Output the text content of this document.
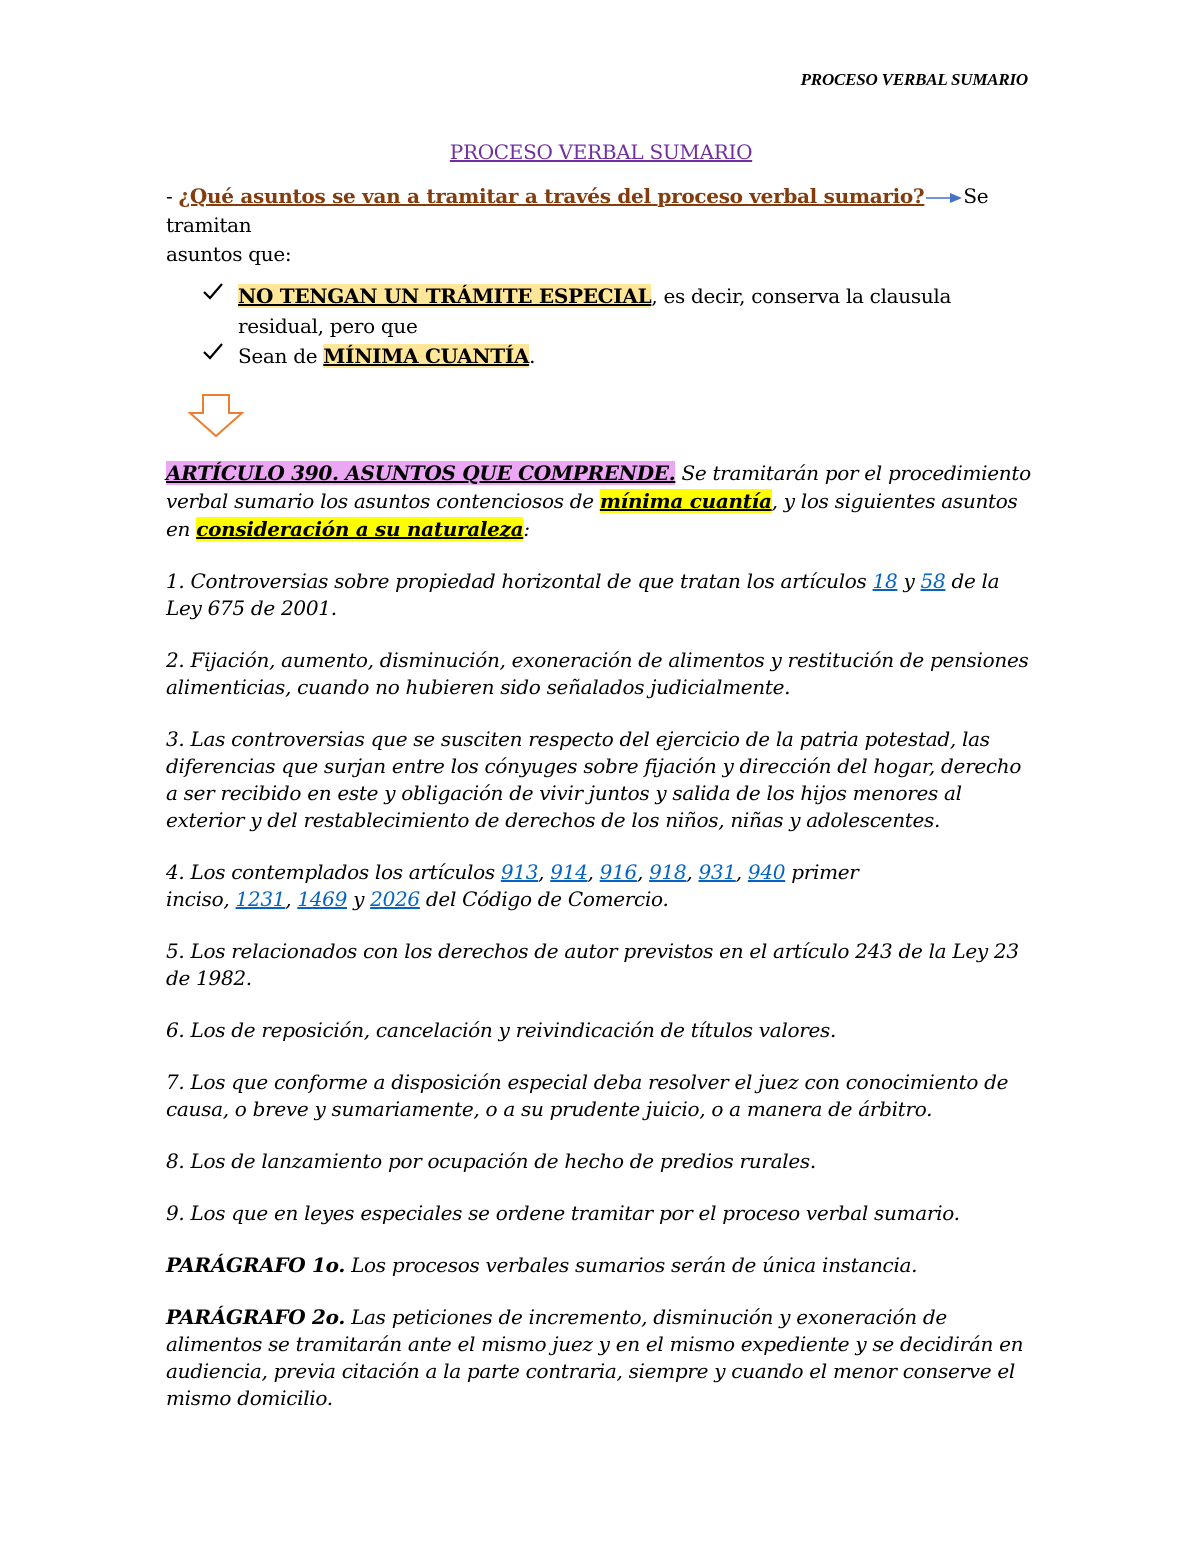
PROCESO VERBAL SUMARIO
PROCESO VERBAL SUMARIO

- ¿Qué asuntos se van a tramitar a través del proceso verbal sumario? Se tramitan
asuntos que:

NO TENGAN UN TRÁMITE ESPECIAL, es decir, conserva la clausula residual, pero que
Sean de MÍNIMA CUANTÍA.
ARTÍCULO 390. ASUNTOS QUE COMPRENDE. Se tramitarán por el procedimiento verbal sumario los asuntos contenciosos de mínima cuantía, y los siguientes asuntos en consideración a su naturaleza:

1. Controversias sobre propiedad horizontal de que tratan los artículos 18 y 58 de la Ley 675 de 2001.

2. Fijación, aumento, disminución, exoneración de alimentos y restitución de pensiones alimenticias, cuando no hubieren sido señalados judicialmente.

3. Las controversias que se susciten respecto del ejercicio de la patria potestad, las diferencias que surjan entre los cónyuges sobre fijación y dirección del hogar, derecho a ser recibido en este y obligación de vivir juntos y salida de los hijos menores al exterior y del restablecimiento de derechos de los niños, niñas y adolescentes.

4. Los contemplados los artículos 913, 914, 916, 918, 931, 940 primer
inciso, 1231, 1469 y 2026 del Código de Comercio.

5. Los relacionados con los derechos de autor previstos en el artículo 243 de la Ley 23 de 1982.

6. Los de reposición, cancelación y reivindicación de títulos valores.

7. Los que conforme a disposición especial deba resolver el juez con conocimiento de causa, o breve y sumariamente, o a su prudente juicio, o a manera de árbitro.

8. Los de lanzamiento por ocupación de hecho de predios rurales.

9. Los que en leyes especiales se ordene tramitar por el proceso verbal sumario.

PARÁGRAFO 1o. Los procesos verbales sumarios serán de única instancia.

PARÁGRAFO 2o. Las peticiones de incremento, disminución y exoneración de alimentos se tramitarán ante el mismo juez y en el mismo expediente y se decidirán en audiencia, previa citación a la parte contraria, siempre y cuando el menor conserve el mismo domicilio.
